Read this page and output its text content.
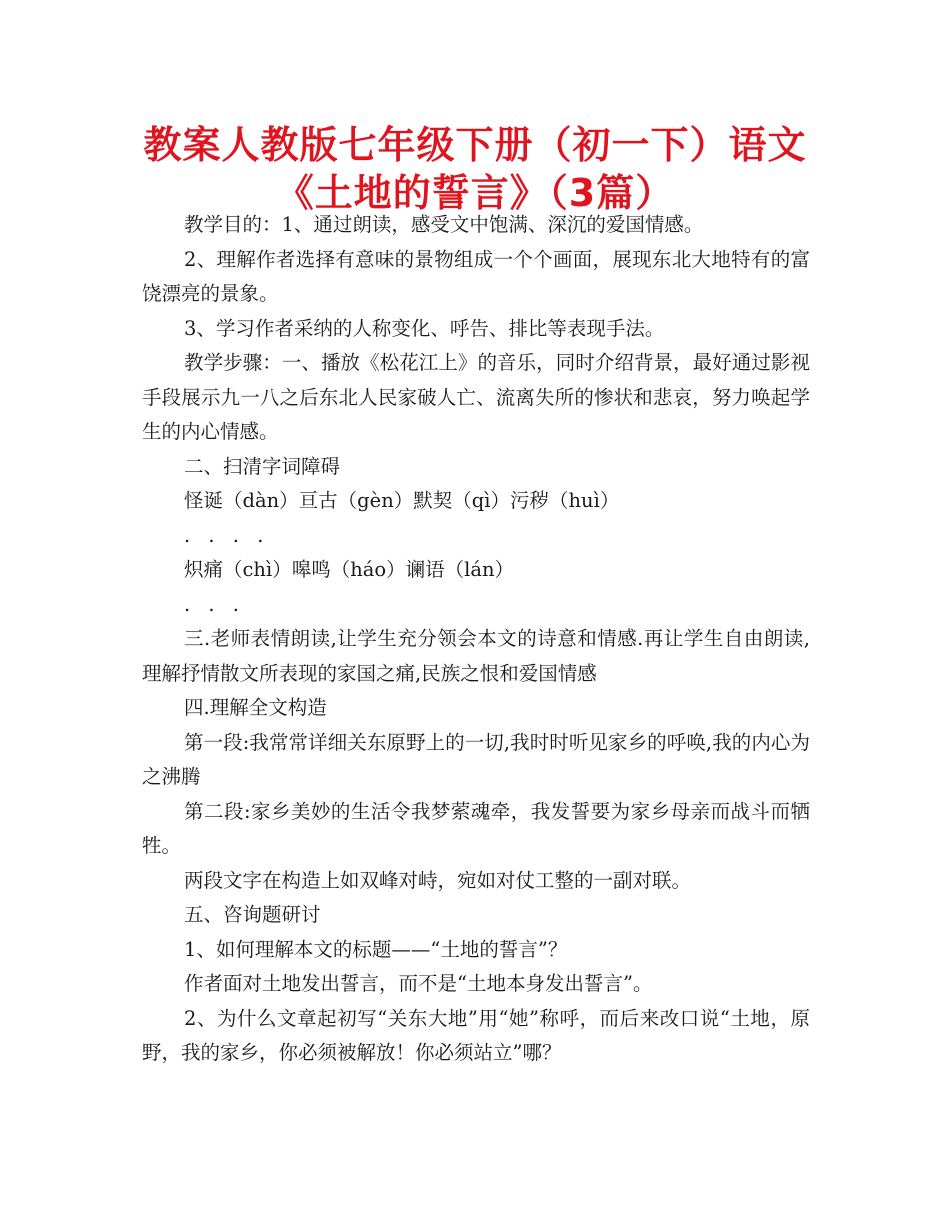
教案人教版七年级下册（初一下）语文
《土地的誓言》（3篇）

教学目的：1、通过朗读，感受文中饱满、深沉的爱国情感。

2、理解作者选择有意味的景物组成一个个画面，展现东北大地特有的富饶漂亮的景象。

3、学习作者采纳的人称变化、呼告、排比等表现手法。

教学步骤：一、播放《松花江上》的音乐，同时介绍背景，最好通过影视手段展示九一八之后东北人民家破人亡、流离失所的惨状和悲哀，努力唤起学生的内心情感。

二、扫清字词障碍

怪诞（dàn）亘古（gèn）默契（qì）污秽（huì）

. . . .

炽痛（chì）嗥鸣（háo）谰语（lán）

. . .

三.老师表情朗读,让学生充分领会本文的诗意和情感.再让学生自由朗读,理解抒情散文所表现的家国之痛,民族之恨和爱国情感

四.理解全文构造

第一段:我常常详细关东原野上的一切,我时时听见家乡的呼唤,我的内心为之沸腾

第二段:家乡美妙的生活令我梦萦魂牵，我发誓要为家乡母亲而战斗而牺牲。

两段文字在构造上如双峰对峙，宛如对仗工整的一副对联。

五、咨询题研讨

1、如何理解本文的标题——“土地的誓言”？

作者面对土地发出誓言，而不是“土地本身发出誓言”。

2、为什么文章起初写“关东大地”用“她”称呼，而后来改口说“土地，原野，我的家乡，你必须被解放！你必须站立”哪？
